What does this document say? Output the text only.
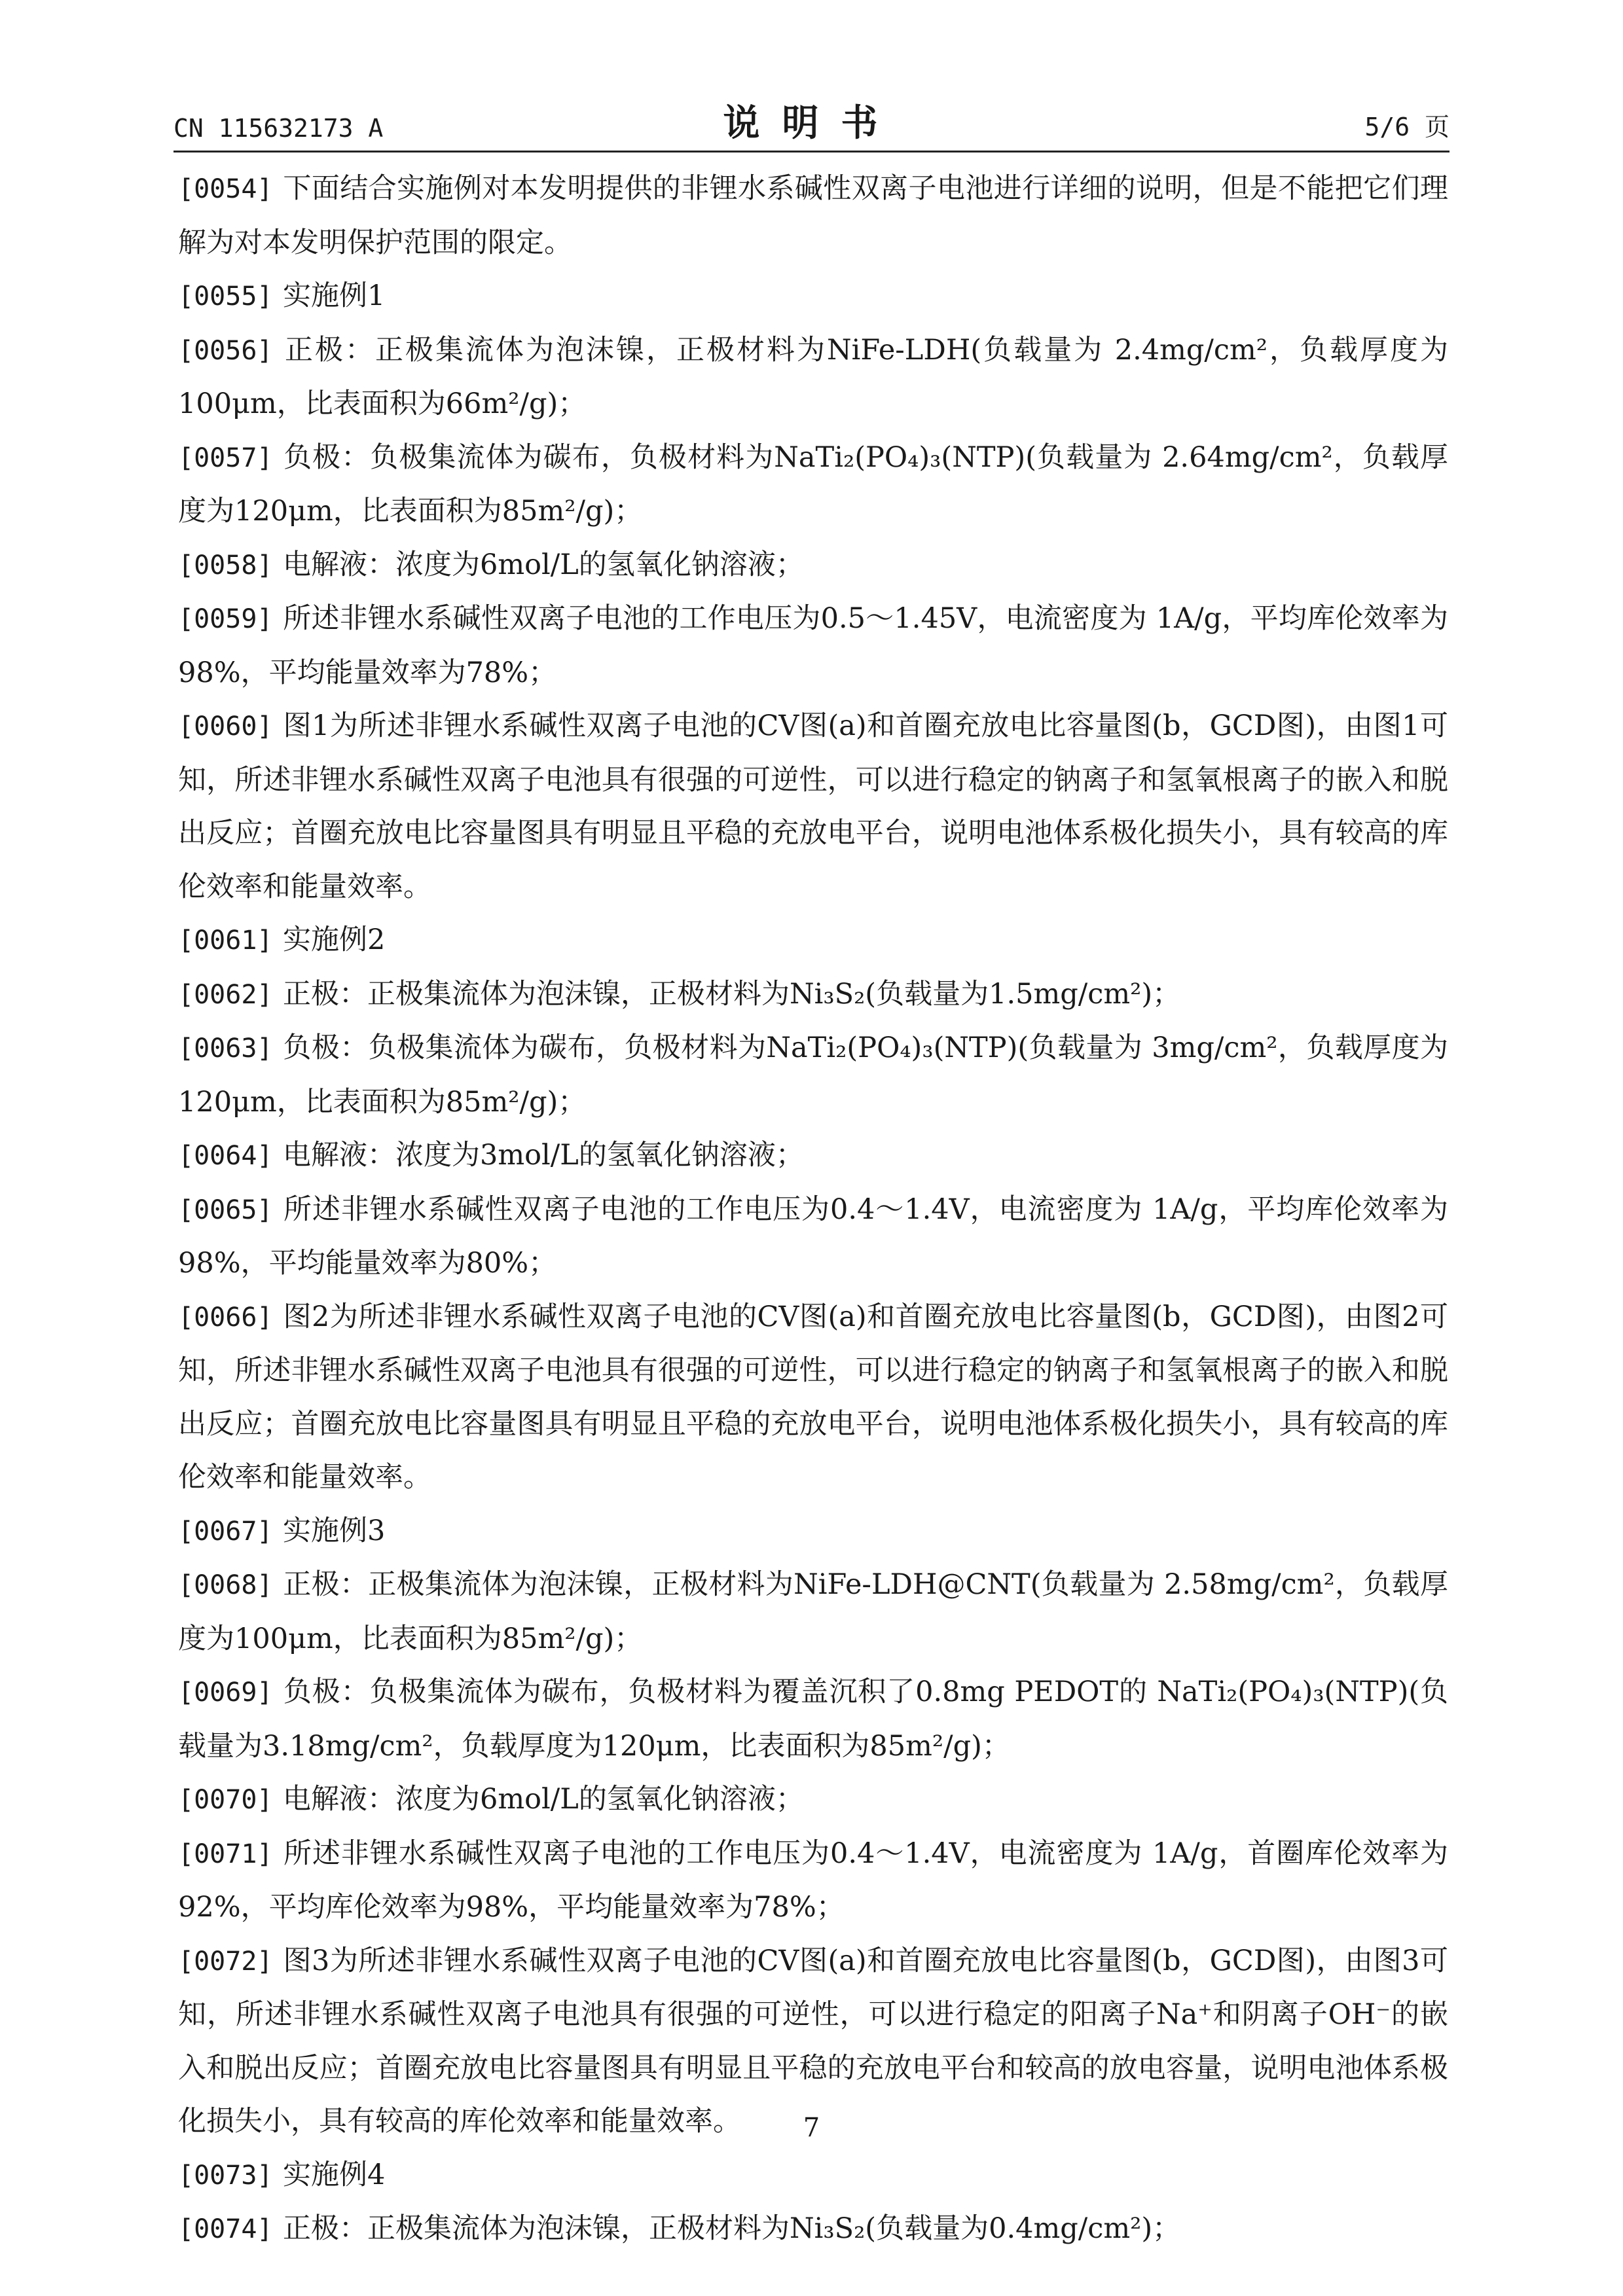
CN 115632173 A	说明书	5/6 页

[0054] 下面结合实施例对本发明提供的非锂水系碱性双离子电池进行详细的说明，但是不能把它们理解为对本发明保护范围的限定。

[0055] 实施例1

[0056] 正极：正极集流体为泡沫镍，正极材料为NiFe-LDH(负载量为 2.4mg/cm²，负载厚度为100μm，比表面积为66m²/g)；

[0057] 负极：负极集流体为碳布，负极材料为NaTi₂(PO₄)₃(NTP)(负载量为 2.64mg/cm²，负载厚度为120μm，比表面积为85m²/g)；

[0058] 电解液：浓度为6mol/L的氢氧化钠溶液；

[0059] 所述非锂水系碱性双离子电池的工作电压为0.5～1.45V，电流密度为 1A/g，平均库伦效率为98%，平均能量效率为78%；

[0060] 图1为所述非锂水系碱性双离子电池的CV图(a)和首圈充放电比容量图(b，GCD图)，由图1可知，所述非锂水系碱性双离子电池具有很强的可逆性，可以进行稳定的钠离子和氢氧根离子的嵌入和脱出反应；首圈充放电比容量图具有明显且平稳的充放电平台，说明电池体系极化损失小，具有较高的库伦效率和能量效率。

[0061] 实施例2

[0062] 正极：正极集流体为泡沫镍，正极材料为Ni₃S₂(负载量为1.5mg/cm²)；

[0063] 负极：负极集流体为碳布，负极材料为NaTi₂(PO₄)₃(NTP)(负载量为 3mg/cm²，负载厚度为120μm，比表面积为85m²/g)；

[0064] 电解液：浓度为3mol/L的氢氧化钠溶液；

[0065] 所述非锂水系碱性双离子电池的工作电压为0.4～1.4V，电流密度为 1A/g，平均库伦效率为98%，平均能量效率为80%；

[0066] 图2为所述非锂水系碱性双离子电池的CV图(a)和首圈充放电比容量图(b，GCD图)，由图2可知，所述非锂水系碱性双离子电池具有很强的可逆性，可以进行稳定的钠离子和氢氧根离子的嵌入和脱出反应；首圈充放电比容量图具有明显且平稳的充放电平台，说明电池体系极化损失小，具有较高的库伦效率和能量效率。

[0067] 实施例3

[0068] 正极：正极集流体为泡沫镍，正极材料为NiFe-LDH@CNT(负载量为 2.58mg/cm²，负载厚度为100μm，比表面积为85m²/g)；

[0069] 负极：负极集流体为碳布，负极材料为覆盖沉积了0.8mg PEDOT的 NaTi₂(PO₄)₃(NTP)(负载量为3.18mg/cm²，负载厚度为120μm，比表面积为85m²/g)；

[0070] 电解液：浓度为6mol/L的氢氧化钠溶液；

[0071] 所述非锂水系碱性双离子电池的工作电压为0.4～1.4V，电流密度为 1A/g，首圈库伦效率为92%，平均库伦效率为98%，平均能量效率为78%；

[0072] 图3为所述非锂水系碱性双离子电池的CV图(a)和首圈充放电比容量图(b，GCD图)，由图3可知，所述非锂水系碱性双离子电池具有很强的可逆性，可以进行稳定的阳离子Na⁺和阴离子OH⁻的嵌入和脱出反应；首圈充放电比容量图具有明显且平稳的充放电平台和较高的放电容量，说明电池体系极化损失小，具有较高的库伦效率和能量效率。

[0073] 实施例4

[0074] 正极：正极集流体为泡沫镍，正极材料为Ni₃S₂(负载量为0.4mg/cm²)；

7
